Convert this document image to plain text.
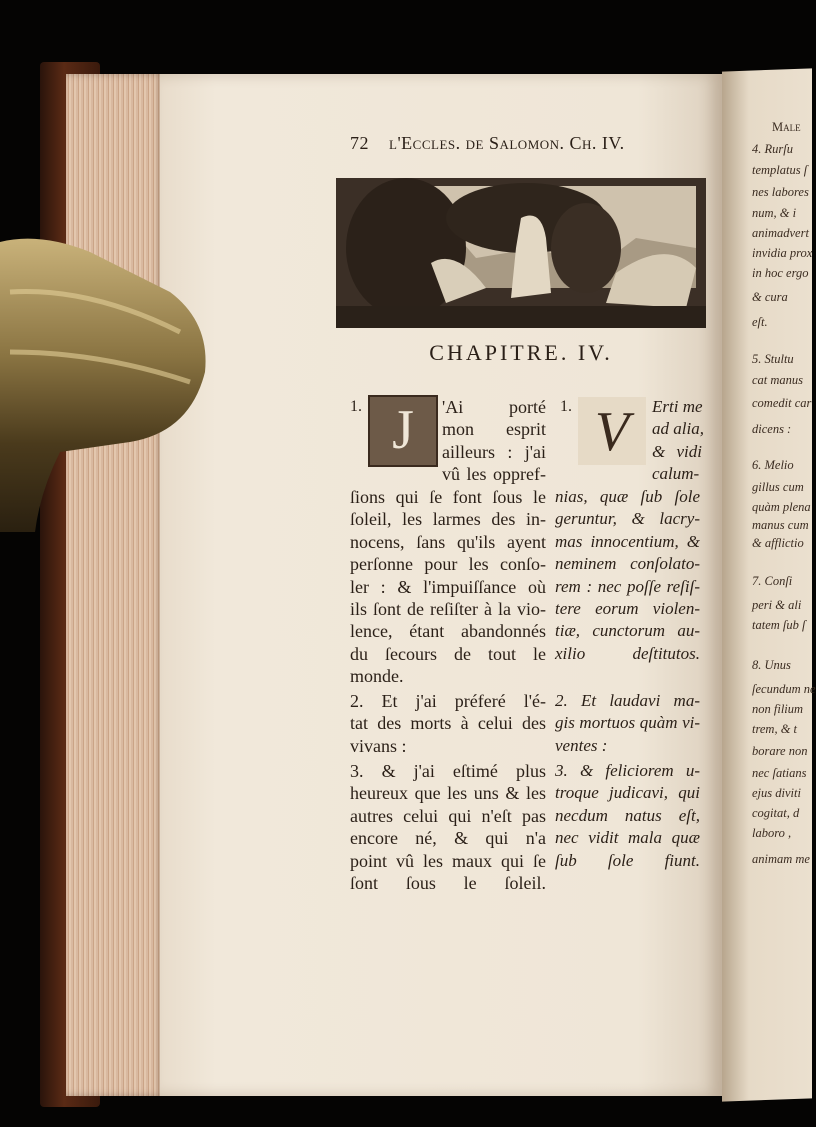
72 l'Eccles. de Salomon. Ch. IV.
CHAPITRE. IV.
1. J	1. V
'Ai porté
mon esprit
ailleurs : j'ai
vû les oppref-
ſions qui ſe font ſous le
ſoleil, les larmes des in-
nocens, ſans qu'ils ayent
perſonne pour les conſo-
ler : & l'impuiſſance où
ils ſont de reſiſter à la vio-
lence, étant abandonnés
du ſecours de tout le
monde.
2. Et j'ai préferé l'é-
tat des morts à celui des
vivans :
3. & j'ai eſtimé plus
heureux que les uns & les
autres celui qui n'eſt pas
encore né, & qui n'a
point vû les maux qui ſe
ſont ſous le ſoleil.
Erti me
ad alia,
& vidi
calum-
nias, quæ ſub ſole
geruntur, & lacry-
mas innocentium, &
neminem conſolato-
rem : nec poſſe reſiſ-
tere eorum violen-
tiæ, cunctorum au-
xilio deſtitutos.
2. Et laudavi ma-
gis mortuos quàm vi-
ventes :
3. & feliciorem u-
troque judicavi, qui
necdum natus eſt,
nec vidit mala quæ
ſub ſole fiunt.
Male
4. Rurſu
templatus ſ
nes labores
num, & i
animadvert
invidia prox
in hoc ergo
& cura
eſt.
5. Stultu
cat manus
comedit car
dicens :
6. Melio
gillus cum
quàm plena
manus cum
& afflictio
7. Conſi
peri & ali
tatem ſub ſ
8. Unus
ſecundum ne
non filium
trem, & t
borare non
nec ſatians
ejus diviti
cogitat, d
laboro ,
animam me
